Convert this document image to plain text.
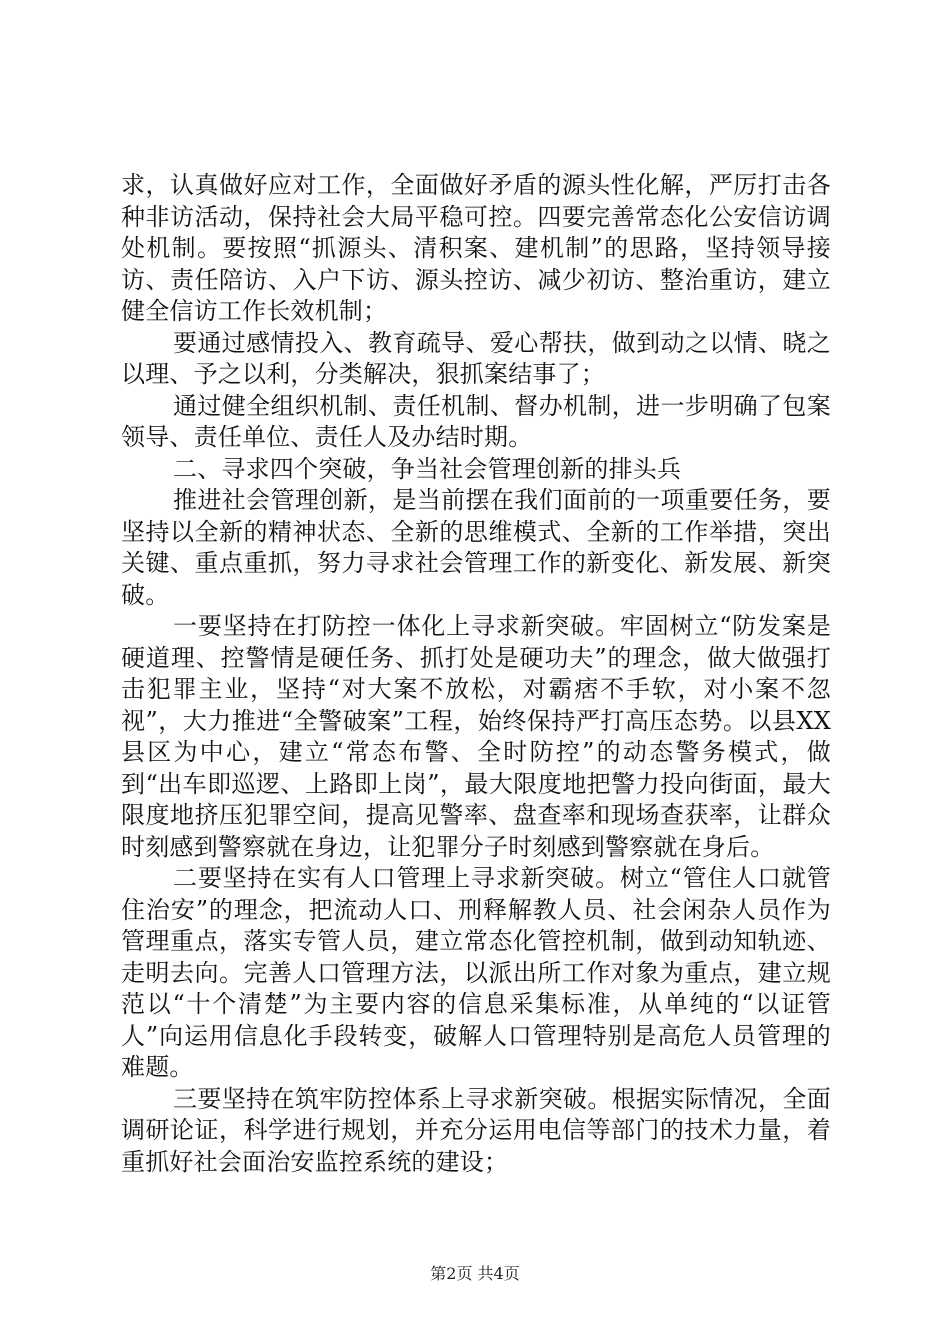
求，认真做好应对工作，全面做好矛盾的源头性化解，严厉打击各种非访活动，保持社会大局平稳可控。四要完善常态化公安信访调处机制。要按照“抓源头、清积案、建机制”的思路，坚持领导接访、责任陪访、入户下访、源头控访、减少初访、整治重访，建立健全信访工作长效机制；

要通过感情投入、教育疏导、爱心帮扶，做到动之以情、晓之以理、予之以利，分类解决，狠抓案结事了；

通过健全组织机制、责任机制、督办机制，进一步明确了包案领导、责任单位、责任人及办结时期。

二、寻求四个突破，争当社会管理创新的排头兵

推进社会管理创新，是当前摆在我们面前的一项重要任务，要坚持以全新的精神状态、全新的思维模式、全新的工作举措，突出关键、重点重抓，努力寻求社会管理工作的新变化、新发展、新突破。

一要坚持在打防控一体化上寻求新突破。牢固树立“防发案是硬道理、控警情是硬任务、抓打处是硬功夫”的理念，做大做强打击犯罪主业，坚持“对大案不放松，对霸痞不手软，对小案不忽视”，大力推进“全警破案”工程，始终保持严打高压态势。以县XX县区为中心，建立“常态布警、全时防控”的动态警务模式，做到“出车即巡逻、上路即上岗”，最大限度地把警力投向街面，最大限度地挤压犯罪空间，提高见警率、盘查率和现场查获率，让群众时刻感到警察就在身边，让犯罪分子时刻感到警察就在身后。

二要坚持在实有人口管理上寻求新突破。树立“管住人口就管住治安”的理念，把流动人口、刑释解教人员、社会闲杂人员作为管理重点，落实专管人员，建立常态化管控机制，做到动知轨迹、走明去向。完善人口管理方法，以派出所工作对象为重点，建立规范以“十个清楚”为主要内容的信息采集标准，从单纯的“以证管人”向运用信息化手段转变，破解人口管理特别是高危人员管理的难题。

三要坚持在筑牢防控体系上寻求新突破。根据实际情况，全面调研论证，科学进行规划，并充分运用电信等部门的技术力量，着重抓好社会面治安监控系统的建设；

第2页 共4页
